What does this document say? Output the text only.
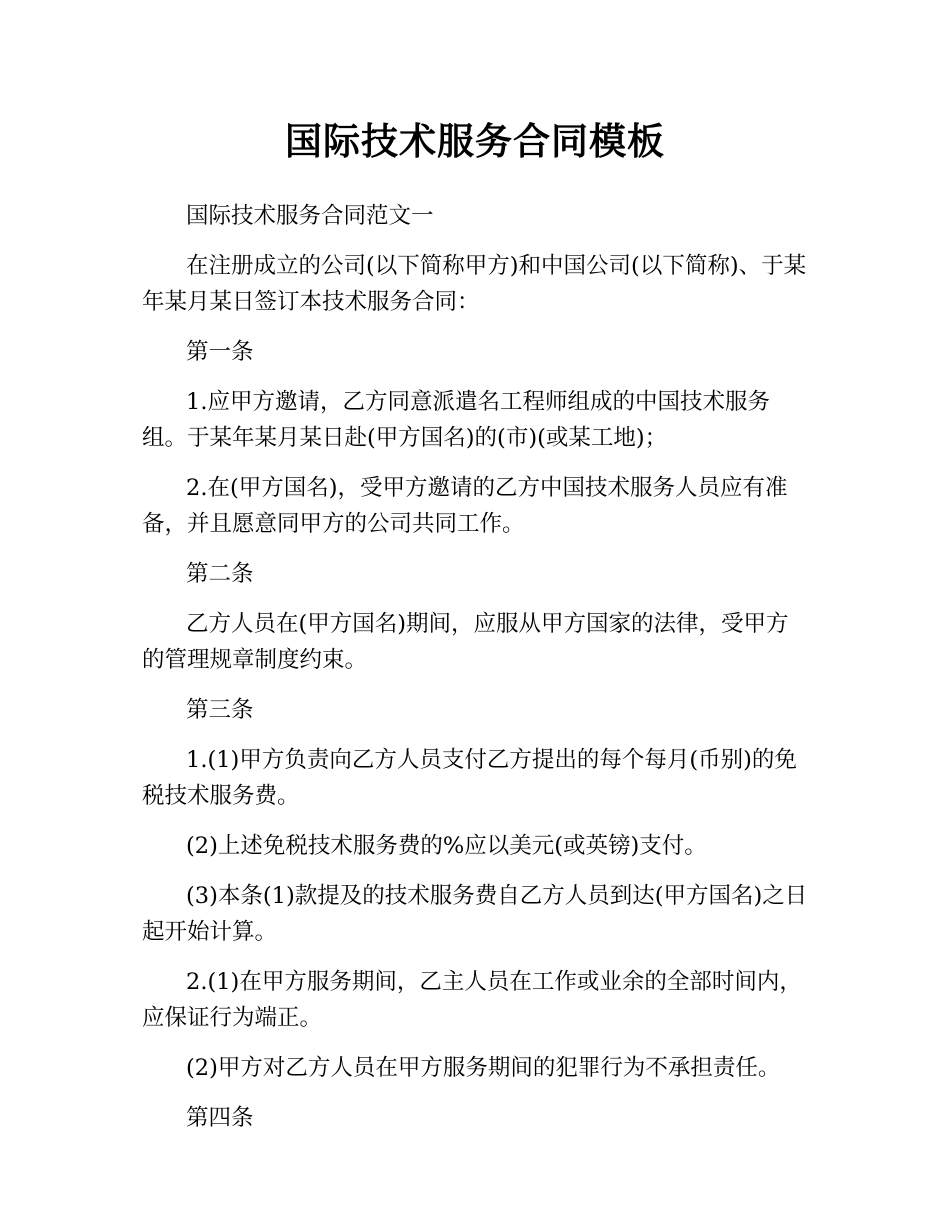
国际技术服务合同模板

国际技术服务合同范文一

在注册成立的公司(以下简称甲方)和中国公司(以下简称)、于某年某月某日签订本技术服务合同：

第一条

1.应甲方邀请，乙方同意派遣名工程师组成的中国技术服务组。于某年某月某日赴(甲方国名)的(市)(或某工地)；

2.在(甲方国名)，受甲方邀请的乙方中国技术服务人员应有准备，并且愿意同甲方的公司共同工作。

第二条

乙方人员在(甲方国名)期间，应服从甲方国家的法律，受甲方的管理规章制度约束。

第三条

1.(1)甲方负责向乙方人员支付乙方提出的每个每月(币别)的免税技术服务费。

(2)上述免税技术服务费的%应以美元(或英镑)支付。

(3)本条(1)款提及的技术服务费自乙方人员到达(甲方国名)之日起开始计算。

2.(1)在甲方服务期间，乙主人员在工作或业余的全部时间内，应保证行为端正。

(2)甲方对乙方人员在甲方服务期间的犯罪行为不承担责任。

第四条
